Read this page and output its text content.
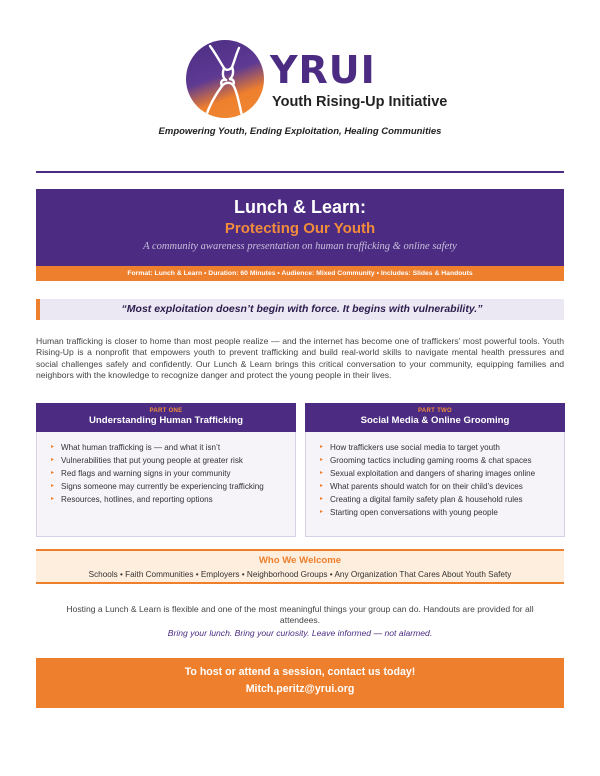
YRUI
Youth Rising-Up Initiative
Empowering Youth, Ending Exploitation, Healing Communities
Lunch & Learn:
Protecting Our Youth
A community awareness presentation on human trafficking & online safety
Format: Lunch & Learn • Duration: 60 Minutes • Audience: Mixed Community • Includes: Slides & Handouts
“Most exploitation doesn’t begin with force. It begins with vulnerability.”
Human trafficking is closer to home than most people realize — and the internet has become one of traffickers’ most powerful tools. Youth Rising-Up is a nonprofit that empowers youth to prevent trafficking and build real-world skills to navigate mental health pressures and social challenges safely and confidently. Our Lunch & Learn brings this critical conversation to your community, equipping families and neighbors with the knowledge to recognize danger and protect the young people in their lives.
PART ONE
Understanding Human Trafficking
▸ What human trafficking is — and what it isn’t
▸ Vulnerabilities that put young people at greater risk
▸ Red flags and warning signs in your community
▸ Signs someone may currently be experiencing trafficking
▸ Resources, hotlines, and reporting options
PART TWO
Social Media & Online Grooming
▸ How traffickers use social media to target youth
▸ Grooming tactics including gaming rooms & chat spaces
▸ Sexual exploitation and dangers of sharing images online
▸ What parents should watch for on their child’s devices
▸ Creating a digital family safety plan & household rules
▸ Starting open conversations with young people
Who We Welcome
Schools • Faith Communities • Employers • Neighborhood Groups • Any Organization That Cares About Youth Safety
Hosting a Lunch & Learn is flexible and one of the most meaningful things your group can do. Handouts are provided for all attendees.
Bring your lunch. Bring your curiosity. Leave informed — not alarmed.
To host or attend a session, contact us today!
Mitch.peritz@yrui.org
